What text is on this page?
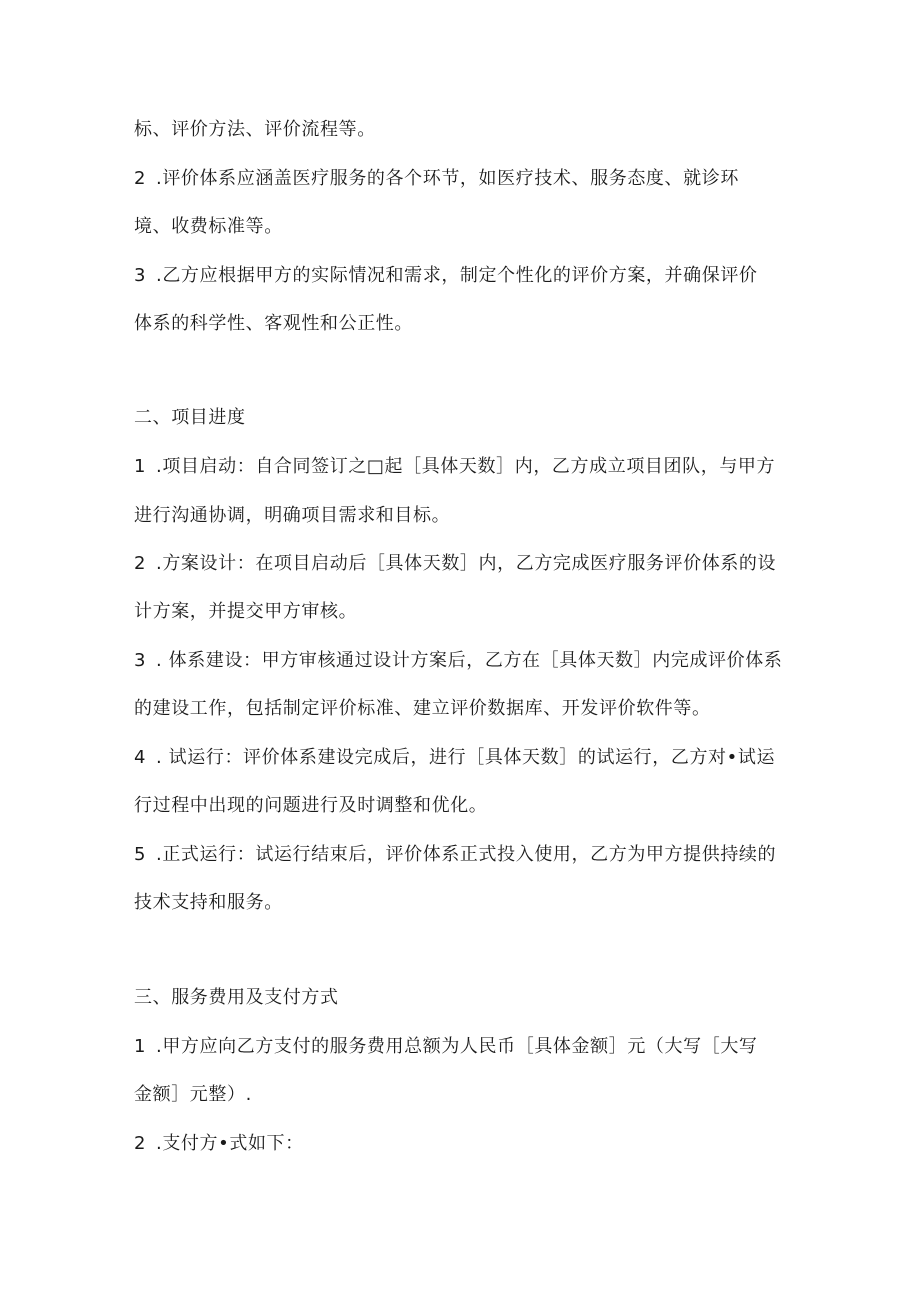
标、评价方法、评价流程等。
2 .评价体系应涵盖医疗服务的各个环节，如医疗技术、服务态度、就诊环
境、收费标准等。
3 .乙方应根据甲方的实际情况和需求，制定个性化的评价方案，并确保评价
体系的科学性、客观性和公正性。
二、项目进度
1 .项目启动：自合同签订之□起［具体天数］内，乙方成立项目团队，与甲方
进行沟通协调，明确项目需求和目标。
2 .方案设计：在项目启动后［具体天数］内，乙方完成医疗服务评价体系的设
计方案，并提交甲方审核。
3 . 体系建设：甲方审核通过设计方案后，乙方在［具体天数］内完成评价体系
的建设工作，包括制定评价标准、建立评价数据库、开发评价软件等。
4 . 试运行：评价体系建设完成后，进行［具体天数］的试运行，乙方对•试运
行过程中出现的问题进行及时调整和优化。
5 .正式运行：试运行结束后，评价体系正式投入使用，乙方为甲方提供持续的
技术支持和服务。
三、服务费用及支付方式
1 .甲方应向乙方支付的服务费用总额为人民币［具体金额］元（大写［大写
金额］元整）.
2 .支付方•式如下：
